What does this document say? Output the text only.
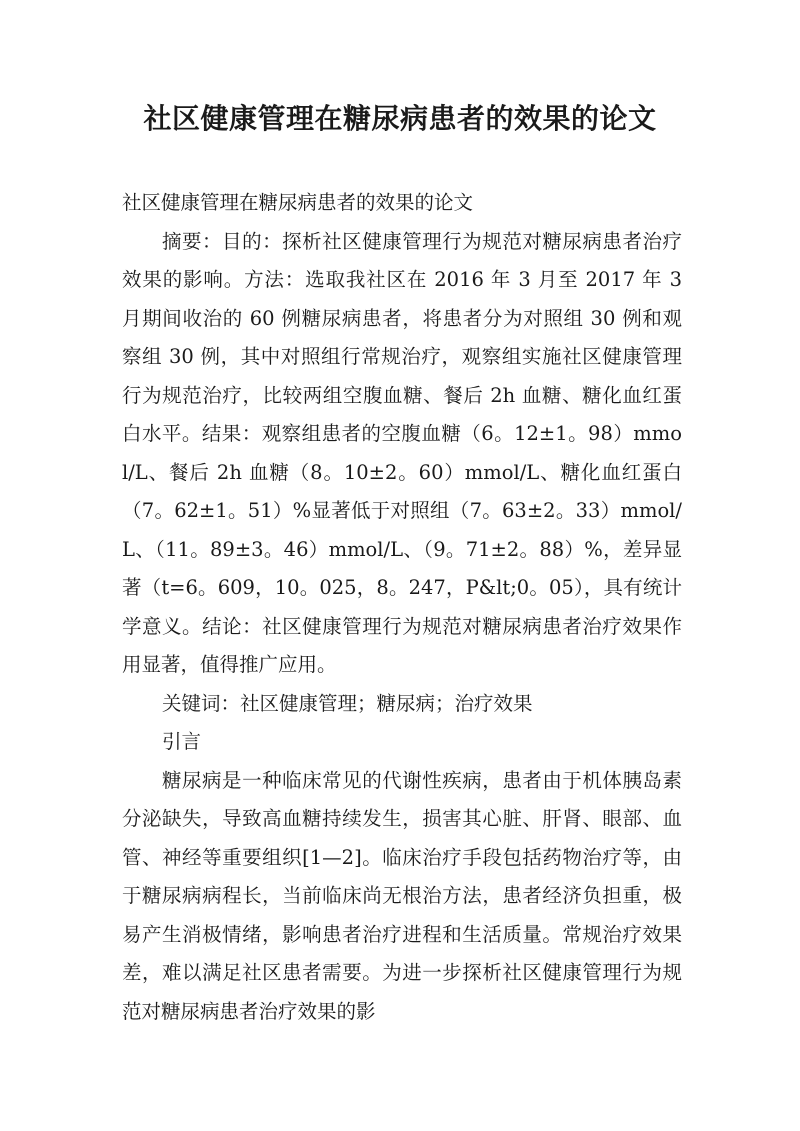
社区健康管理在糖尿病患者的效果的论文

社区健康管理在糖尿病患者的效果的论文

摘要：目的：探析社区健康管理行为规范对糖尿病患者治疗效果的影响。方法：选取我社区在 2016 年 3 月至 2017 年 3 月期间收治的 60 例糖尿病患者，将患者分为对照组 30 例和观察组 30 例，其中对照组行常规治疗，观察组实施社区健康管理行为规范治疗，比较两组空腹血糖、餐后 2h 血糖、糖化血红蛋白水平。结果：观察组患者的空腹血糖（6。12±1。98）mmol/L、餐后 2h 血糖（8。10±2。60）mmol/L、糖化血红蛋白（7。62±1。51）%显著低于对照组（7。63±2。33）mmol/L、（11。89±3。46）mmol/L、（9。71±2。88）%，差异显著（t=6。609，10。025，8。247，P&lt;0。05），具有统计学意义。结论：社区健康管理行为规范对糖尿病患者治疗效果作用显著，值得推广应用。

关键词：社区健康管理；糖尿病；治疗效果

引言

糖尿病是一种临床常见的代谢性疾病，患者由于机体胰岛素分泌缺失，导致高血糖持续发生，损害其心脏、肝肾、眼部、血管、神经等重要组织[1—2]。临床治疗手段包括药物治疗等，由于糖尿病病程长，当前临床尚无根治方法，患者经济负担重，极易产生消极情绪，影响患者治疗进程和生活质量。常规治疗效果差，难以满足社区患者需要。为进一步探析社区健康管理行为规范对糖尿病患者治疗效果的影
